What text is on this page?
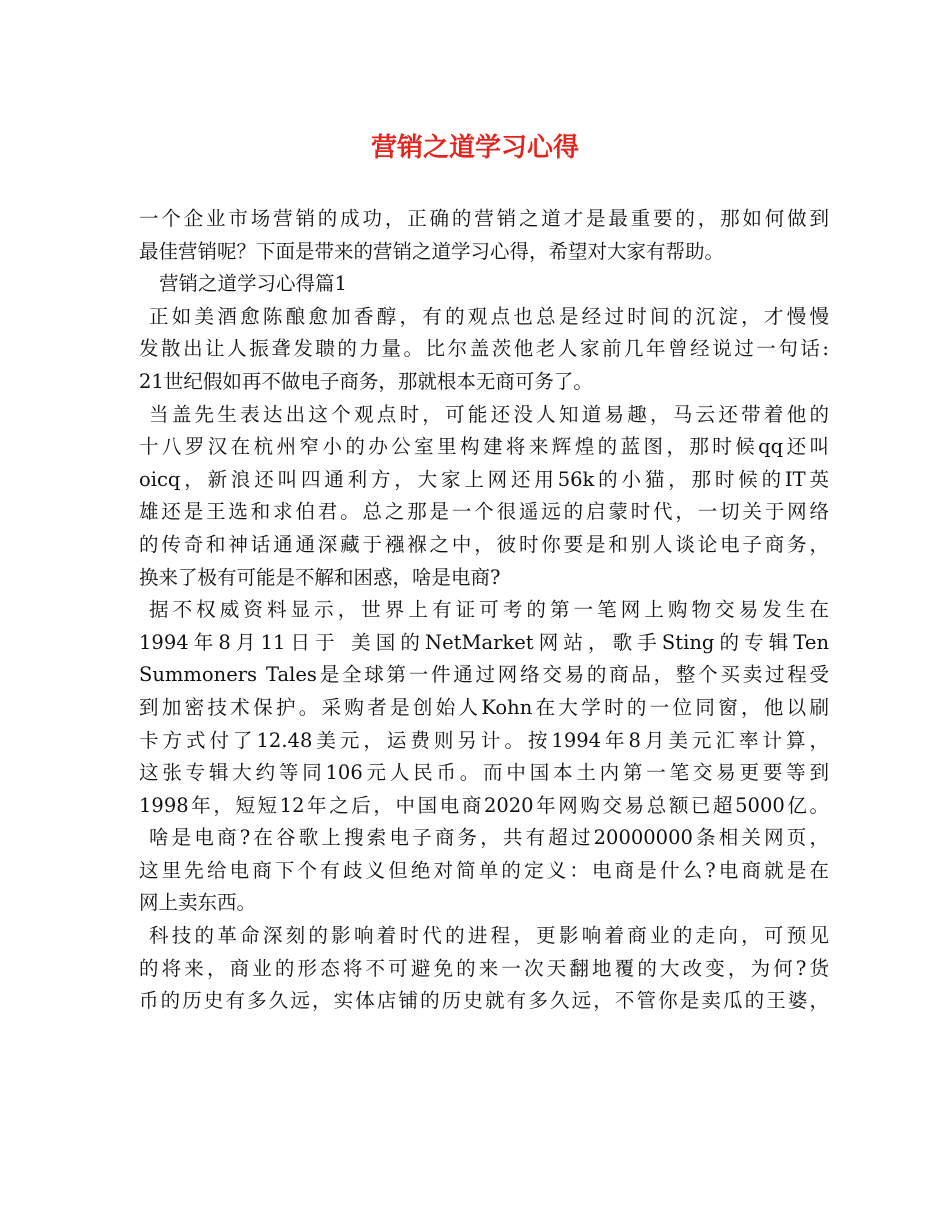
营销之道学习心得
一个企业市场营销的成功，正确的营销之道才是最重要的，那如何做到
最佳营销呢？下面是带来的营销之道学习心得，希望对大家有帮助。
营销之道学习心得篇1
正如美酒愈陈酿愈加香醇，有的观点也总是经过时间的沉淀，才慢慢
发散出让人振聋发聩的力量。比尔盖茨他老人家前几年曾经说过一句话:
21世纪假如再不做电子商务，那就根本无商可务了。
当盖先生表达出这个观点时，可能还没人知道易趣，马云还带着他的
十八罗汉在杭州窄小的办公室里构建将来辉煌的蓝图，那时候qq还叫
oicq，新浪还叫四通利方，大家上网还用56k的小猫，那时候的IT英
雄还是王选和求伯君。总之那是一个很遥远的启蒙时代，一切关于网络
的传奇和神话通通深藏于襁褓之中，彼时你要是和别人谈论电子商务，
换来了极有可能是不解和困惑，啥是电商?
据不权威资料显示，世界上有证可考的第一笔网上购物交易发生在
1994年8月11日于 美国的NetMarket网站，歌手Sting的专辑Ten
Summoners Tales是全球第一件通过网络交易的商品，整个买卖过程受
到加密技术保护。采购者是创始人Kohn在大学时的一位同窗，他以刷
卡方式付了12.48美元，运费则另计。按1994年8月美元汇率计算，
这张专辑大约等同106元人民币。而中国本土内第一笔交易更要等到
1998年，短短12年之后，中国电商2020年网购交易总额已超5000亿。
啥是电商?在谷歌上搜索电子商务，共有超过20000000条相关网页，
这里先给电商下个有歧义但绝对简单的定义：电商是什么?电商就是在
网上卖东西。
科技的革命深刻的影响着时代的进程，更影响着商业的走向，可预见
的将来，商业的形态将不可避免的来一次天翻地覆的大改变，为何?货
币的历史有多久远，实体店铺的历史就有多久远，不管你是卖瓜的王婆，
